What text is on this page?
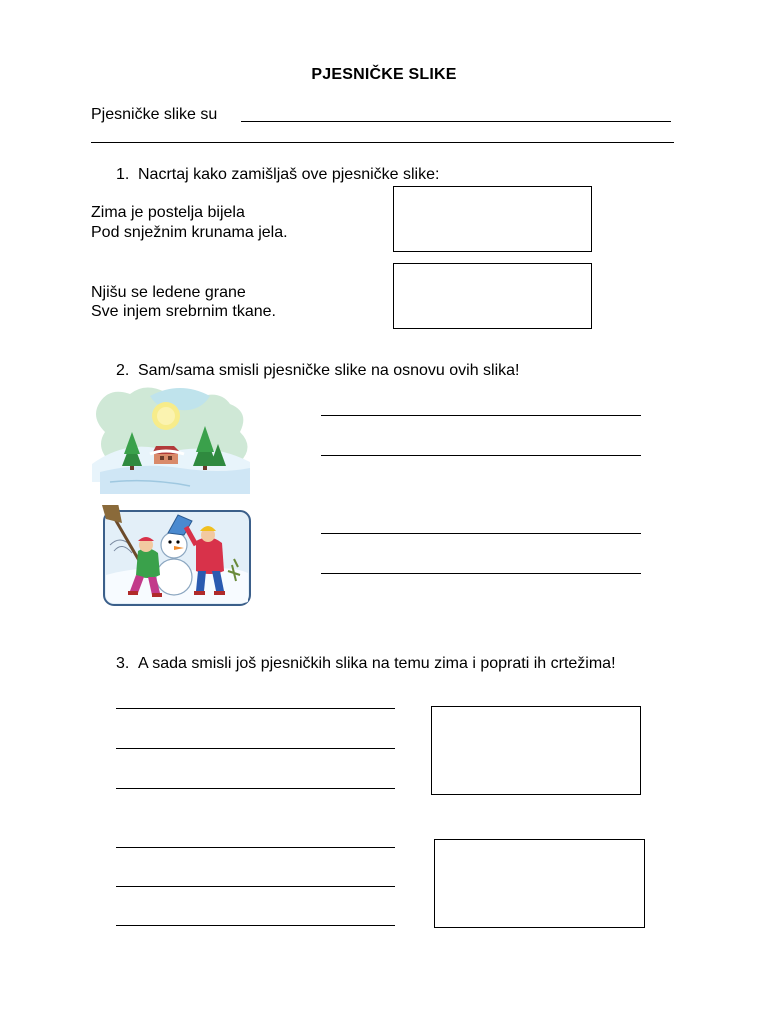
PJESNIČKE SLIKE
Pjesničke slike su
1. Nacrtaj kako zamišljaš ove pjesničke slike:
Zima je postelja bijela
Pod snježnim krunama jela.
Njišu se ledene grane
Sve injem srebrnim tkane.
2. Sam/sama smisli pjesničke slike na osnovu ovih slika!
3. A sada smisli još pjesničkih slika na temu zima i poprati ih crtežima!
